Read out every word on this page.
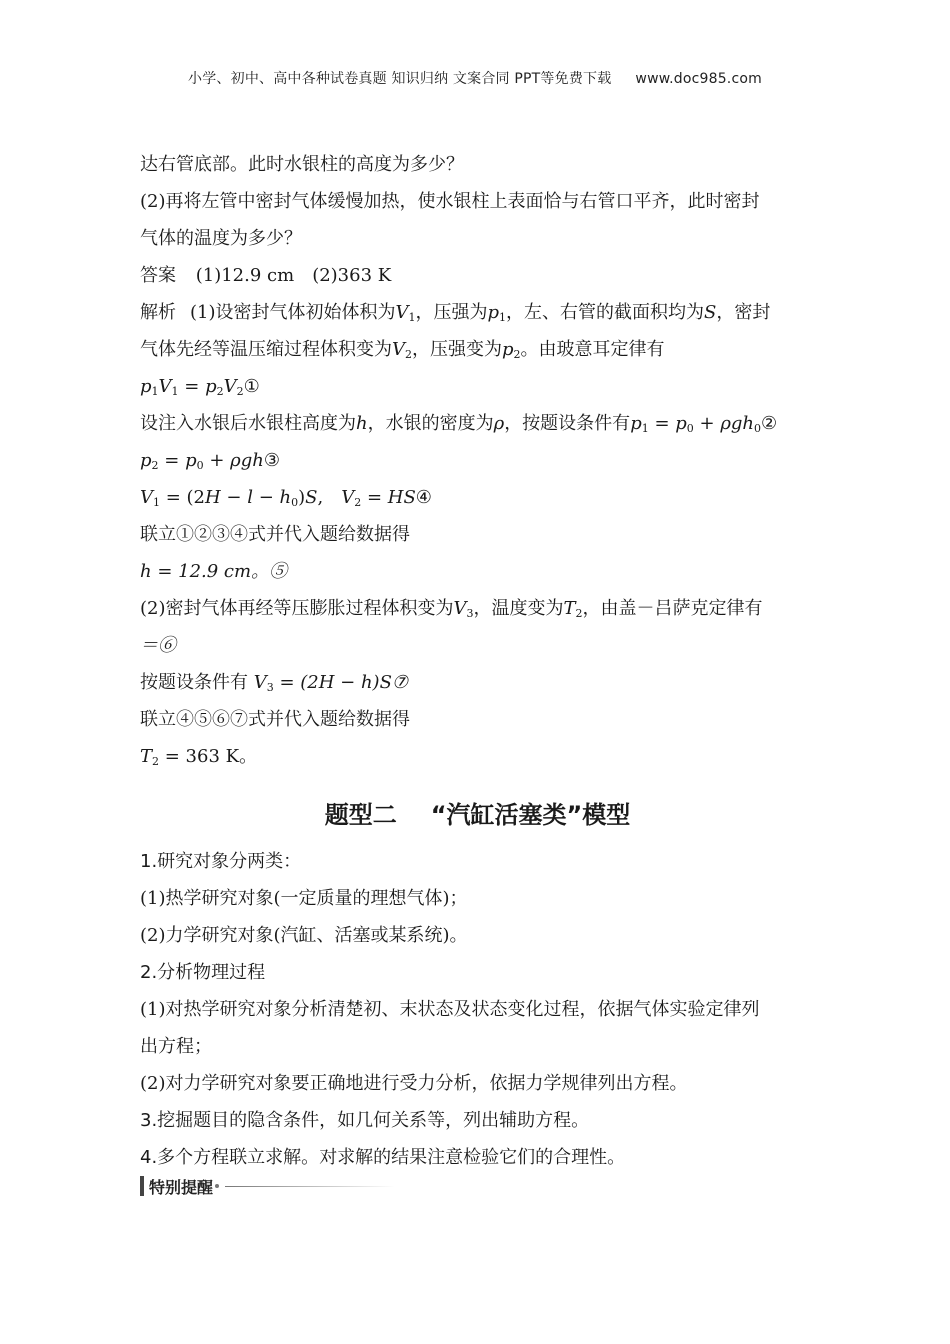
小学、初中、高中各种试卷真题 知识归纳 文案合同 PPT等免费下载 www.doc985.com
达右管底部。此时水银柱的高度为多少？
(2)再将左管中密封气体缓慢加热，使水银柱上表面恰与右管口平齐，此时密封
气体的温度为多少？
答案 (1)12.9 cm (2)363 K
解析 (1)设密封气体初始体积为$V_1$，压强为$p_1$，左、右管的截面积均为S，密封
气体先经等温压缩过程体积变为$V_2$，压强变为$p_2$。由玻意耳定律有
$p_1V_1$ = $p_2V_2①$
设注入水银后水银柱高度为h，水银的密度为ρ，按题设条件有$p_1 = p_0$ + ρgh$_0$②
$p_2 = p_0$ + ρgh③
$V_1 = (2H - l - h_0)S$, $V_2$ = HS④
联立①②③④式并代入题给数据得
h = 12.9 cm。⑤
(2)密封气体再经等压膨胀过程体积变为$V_3$，温度变为$T_2$，由盖－吕萨克定律有
＝⑥
按题设条件有 $V_3 = (2H$ − h)S⑦
联立④⑤⑥⑦式并代入题给数据得
$T_2 = 363$ K。
题型二 “汽缸活塞类”模型
1.研究对象分两类：
(1)热学研究对象(一定质量的理想气体)；
(2)力学研究对象(汽缸、活塞或某系统)。
2.分析物理过程
(1)对热学研究对象分析清楚初、末状态及状态变化过程，依据气体实验定律列
出方程；
(2)对力学研究对象要正确地进行受力分析，依据力学规律列出方程。
3.挖掘题目的隐含条件，如几何关系等，列出辅助方程。
4.多个方程联立求解。对求解的结果注意检验它们的合理性。
特别提醒
